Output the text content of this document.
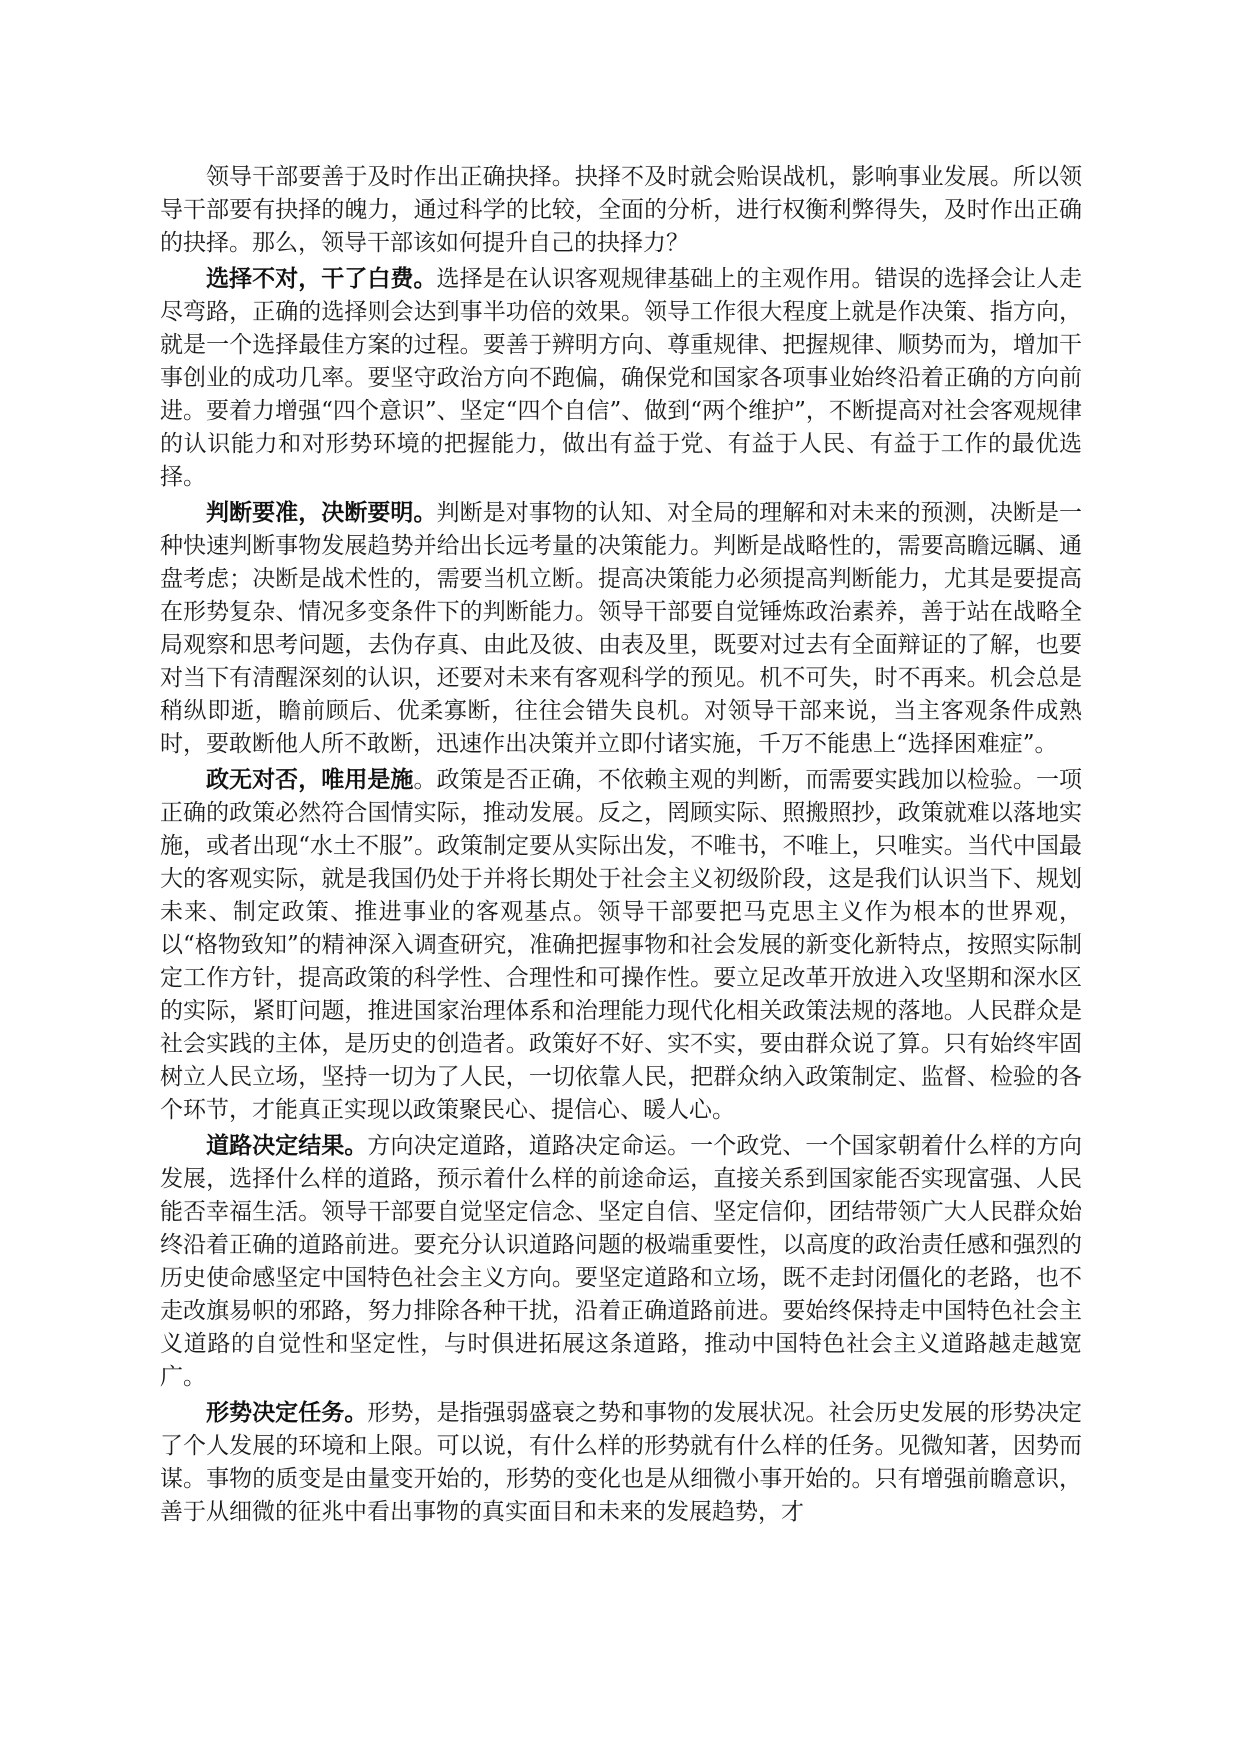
领导干部要善于及时作出正确抉择。抉择不及时就会贻误战机，影响事业发展。所以领导干部要有抉择的魄力，通过科学的比较，全面的分析，进行权衡利弊得失，及时作出正确的抉择。那么，领导干部该如何提升自己的抉择力？

选择不对，干了白费。选择是在认识客观规律基础上的主观作用。错误的选择会让人走尽弯路，正确的选择则会达到事半功倍的效果。领导工作很大程度上就是作决策、指方向，就是一个选择最佳方案的过程。要善于辨明方向、尊重规律、把握规律、顺势而为，增加干事创业的成功几率。要坚守政治方向不跑偏，确保党和国家各项事业始终沿着正确的方向前进。要着力增强“四个意识”、坚定“四个自信”、做到“两个维护”，不断提高对社会客观规律的认识能力和对形势环境的把握能力，做出有益于党、有益于人民、有益于工作的最优选择。

判断要准，决断要明。判断是对事物的认知、对全局的理解和对未来的预测，决断是一种快速判断事物发展趋势并给出长远考量的决策能力。判断是战略性的，需要高瞻远瞩、通盘考虑；决断是战术性的，需要当机立断。提高决策能力必须提高判断能力，尤其是要提高在形势复杂、情况多变条件下的判断能力。领导干部要自觉锤炼政治素养，善于站在战略全局观察和思考问题，去伪存真、由此及彼、由表及里，既要对过去有全面辩证的了解，也要对当下有清醒深刻的认识，还要对未来有客观科学的预见。机不可失，时不再来。机会总是稍纵即逝，瞻前顾后、优柔寡断，往往会错失良机。对领导干部来说，当主客观条件成熟时，要敢断他人所不敢断，迅速作出决策并立即付诸实施，千万不能患上“选择困难症”。

政无对否，唯用是施。政策是否正确，不依赖主观的判断，而需要实践加以检验。一项正确的政策必然符合国情实际，推动发展。反之，罔顾实际、照搬照抄，政策就难以落地实施，或者出现“水土不服”。政策制定要从实际出发，不唯书，不唯上，只唯实。当代中国最大的客观实际，就是我国仍处于并将长期处于社会主义初级阶段，这是我们认识当下、规划未来、制定政策、推进事业的客观基点。领导干部要把马克思主义作为根本的世界观，以“格物致知”的精神深入调查研究，准确把握事物和社会发展的新变化新特点，按照实际制定工作方针，提高政策的科学性、合理性和可操作性。要立足改革开放进入攻坚期和深水区的实际，紧盯问题，推进国家治理体系和治理能力现代化相关政策法规的落地。人民群众是社会实践的主体，是历史的创造者。政策好不好、实不实，要由群众说了算。只有始终牢固树立人民立场，坚持一切为了人民，一切依靠人民，把群众纳入政策制定、监督、检验的各个环节，才能真正实现以政策聚民心、提信心、暖人心。

道路决定结果。方向决定道路，道路决定命运。一个政党、一个国家朝着什么样的方向发展，选择什么样的道路，预示着什么样的前途命运，直接关系到国家能否实现富强、人民能否幸福生活。领导干部要自觉坚定信念、坚定自信、坚定信仰，团结带领广大人民群众始终沿着正确的道路前进。要充分认识道路问题的极端重要性，以高度的政治责任感和强烈的历史使命感坚定中国特色社会主义方向。要坚定道路和立场，既不走封闭僵化的老路，也不走改旗易帜的邪路，努力排除各种干扰，沿着正确道路前进。要始终保持走中国特色社会主义道路的自觉性和坚定性，与时俱进拓展这条道路，推动中国特色社会主义道路越走越宽广。

形势决定任务。形势，是指强弱盛衰之势和事物的发展状况。社会历史发展的形势决定了个人发展的环境和上限。可以说，有什么样的形势就有什么样的任务。见微知著，因势而谋。事物的质变是由量变开始的，形势的变化也是从细微小事开始的。只有增强前瞻意识，善于从细微的征兆中看出事物的真实面目和未来的发展趋势，才
